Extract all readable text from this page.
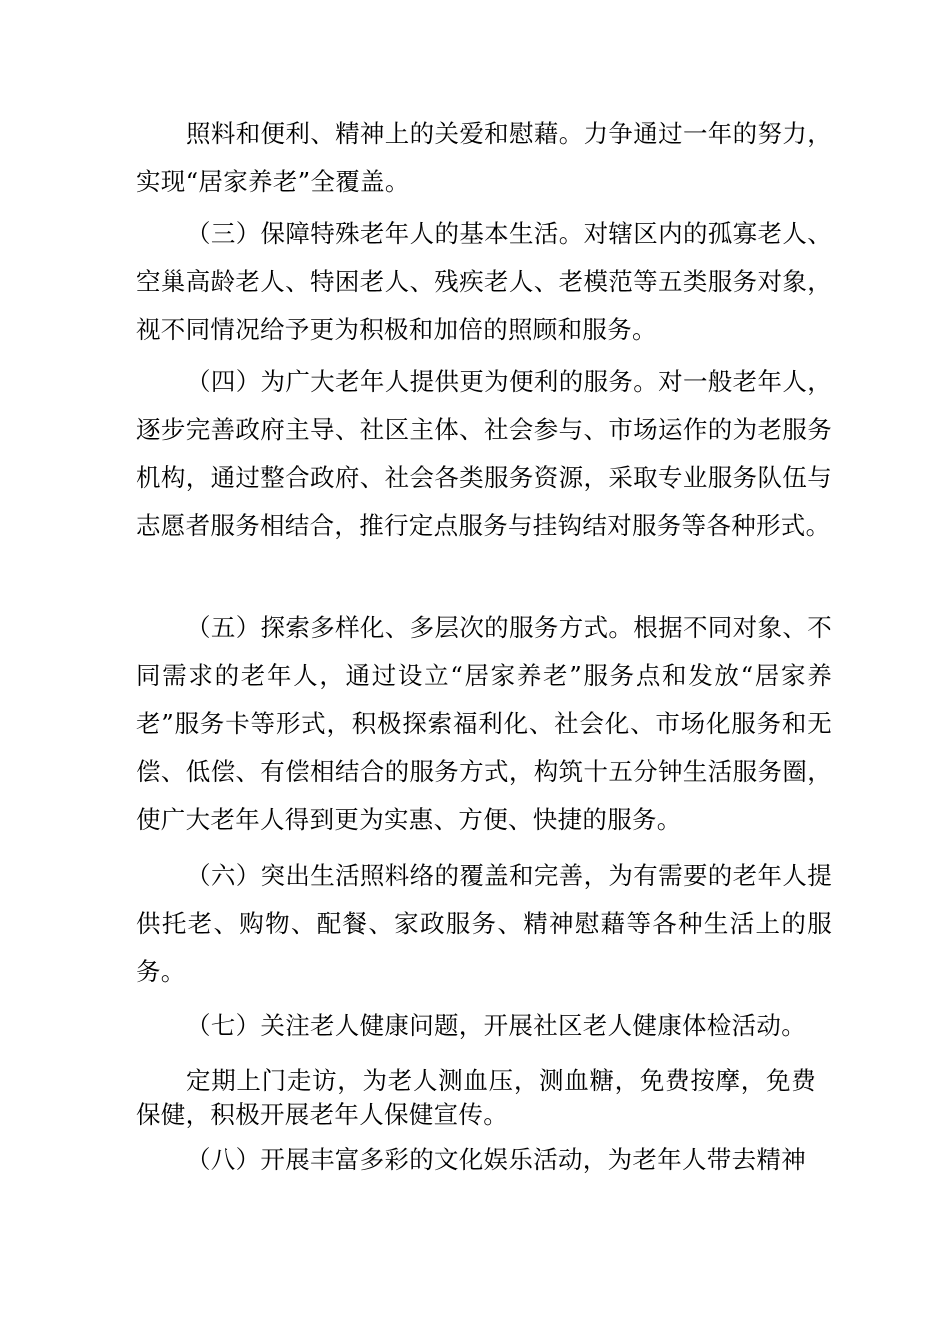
照料和便利、精神上的关爱和慰藉。力争通过一年的努力，实现“居家养老”全覆盖。

（三）保障特殊老年人的基本生活。对辖区内的孤寡老人、空巢高龄老人、特困老人、残疾老人、老模范等五类服务对象，视不同情况给予更为积极和加倍的照顾和服务。

（四）为广大老年人提供更为便利的服务。对一般老年人，逐步完善政府主导、社区主体、社会参与、市场运作的为老服务机构，通过整合政府、社会各类服务资源，采取专业服务队伍与志愿者服务相结合，推行定点服务与挂钩结对服务等各种形式。

（五）探索多样化、多层次的服务方式。根据不同对象、不同需求的老年人，通过设立“居家养老”服务点和发放“居家养老”服务卡等形式，积极探索福利化、社会化、市场化服务和无偿、低偿、有偿相结合的服务方式，构筑十五分钟生活服务圈，使广大老年人得到更为实惠、方便、快捷的服务。

（六）突出生活照料络的覆盖和完善，为有需要的老年人提供托老、购物、配餐、家政服务、精神慰藉等各种生活上的服务。

（七）关注老人健康问题，开展社区老人健康体检活动。

定期上门走访，为老人测血压，测血糖，免费按摩，免费保健，积极开展老年人保健宣传。

（八）开展丰富多彩的文化娱乐活动，为老年人带去精神
